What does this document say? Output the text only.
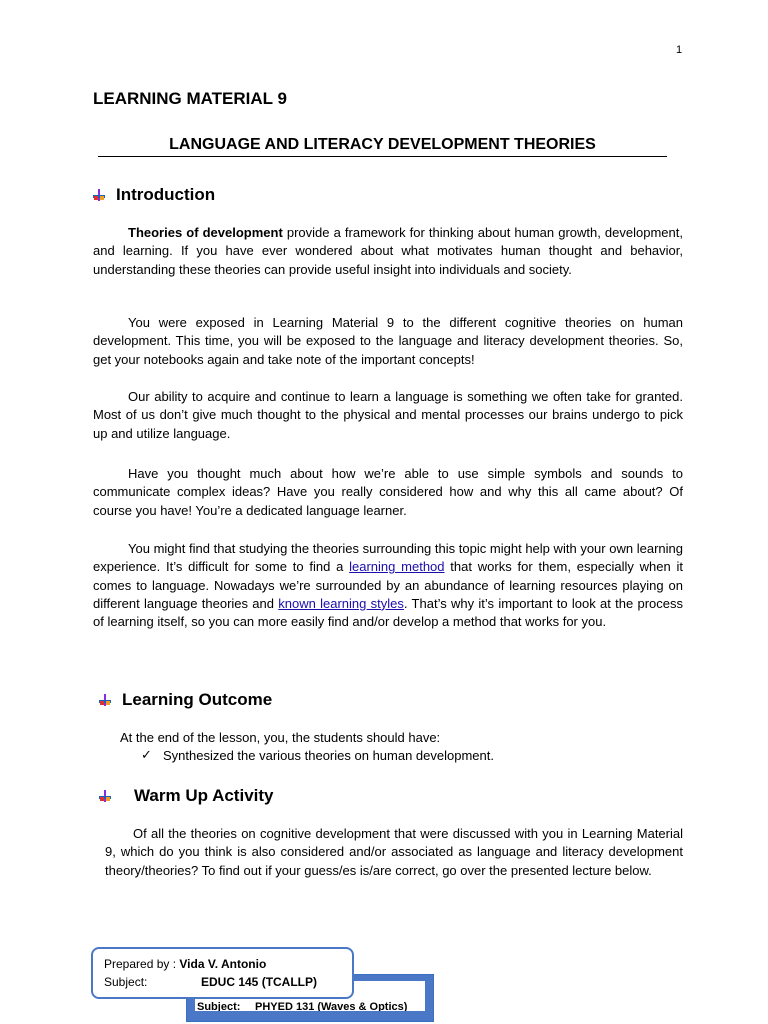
1
LEARNING MATERIAL 9
LANGUAGE AND LITERACY DEVELOPMENT THEORIES
Introduction
Theories of development provide a framework for thinking about human growth, development, and learning. If you have ever wondered about what motivates human thought and behavior, understanding these theories can provide useful insight into individuals and society.
You were exposed in Learning Material 9 to the different cognitive theories on human development. This time, you will be exposed to the language and literacy development theories. So, get your notebooks again and take note of the important concepts!
Our ability to acquire and continue to learn a language is something we often take for granted. Most of us don’t give much thought to the physical and mental processes our brains undergo to pick up and utilize language.
Have you thought much about how we’re able to use simple symbols and sounds to communicate complex ideas? Have you really considered how and why this all came about? Of course you have! You’re a dedicated language learner.
You might find that studying the theories surrounding this topic might help with your own learning experience. It’s difficult for some to find a learning method that works for them, especially when it comes to language. Nowadays we’re surrounded by an abundance of learning resources playing on different language theories and known learning styles. That’s why it’s important to look at the process of learning itself, so you can more easily find and/or develop a method that works for you.
Learning Outcome
At the end of the lesson, you, the students should have:
✓ Synthesized the various theories on human development.
Warm Up Activity
Of all the theories on cognitive development that were discussed with you in Learning Material 9, which do you think is also considered and/or associated as language and literacy development theory/theories? To find out if your guess/es is/are correct, go over the presented lecture below.
Subject: PHYED 131 (Waves & Optics)
Prepared by : Vida V. Antonio
Subject:	EDUC 145 (TCALLP)
